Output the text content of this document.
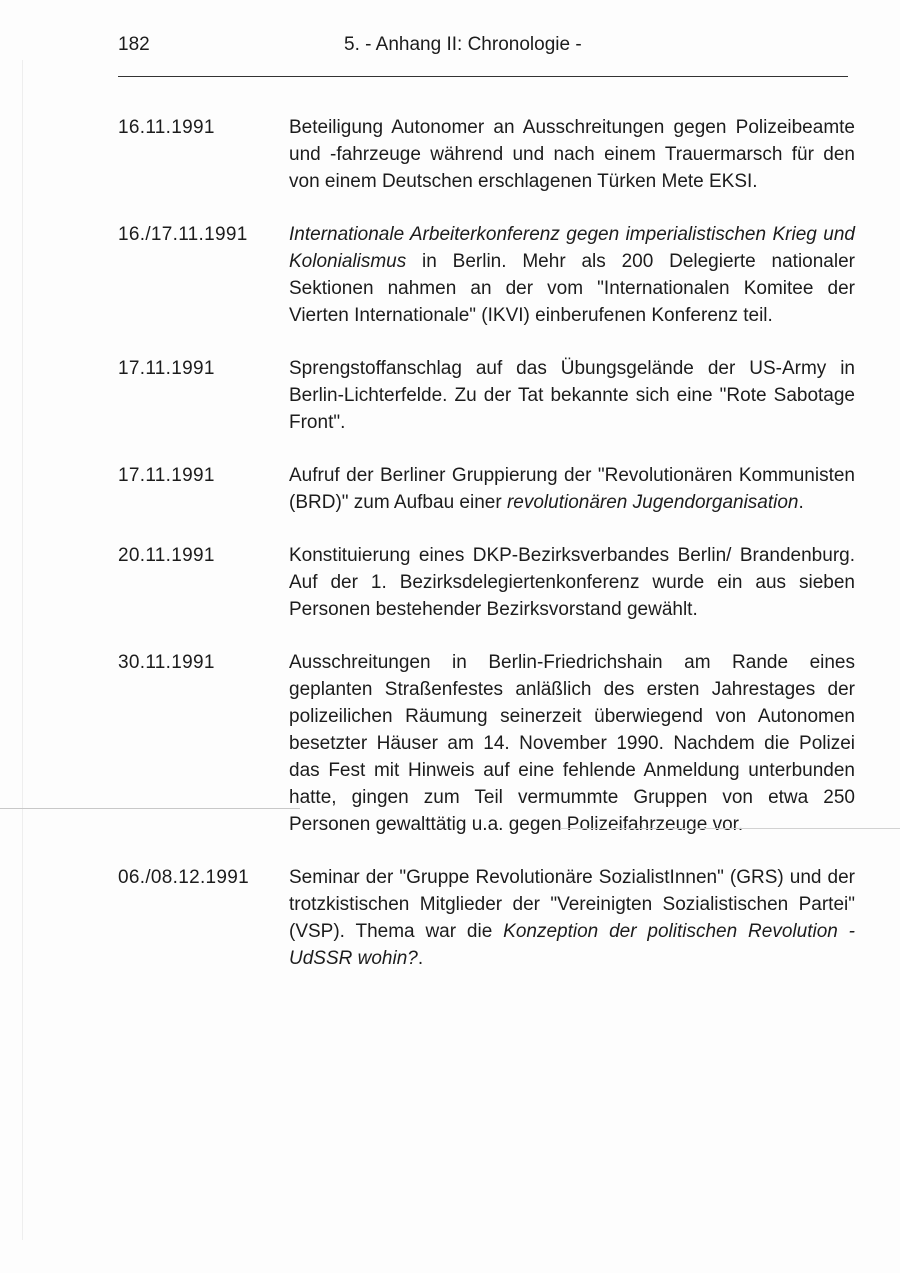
182	5. - Anhang II: Chronologie -
16.11.1991	Beteiligung Autonomer an Ausschreitungen gegen Polizeibeamte und -fahrzeuge während und nach einem Trauermarsch für den von einem Deutschen erschlagenen Türken Mete EKSI.
16./17.11.1991	Internationale Arbeiterkonferenz gegen imperialistischen Krieg und Kolonialismus in Berlin. Mehr als 200 Delegierte nationaler Sektionen nahmen an der vom "Internationalen Komitee der Vierten Internationale" (IKVI) einberufenen Konferenz teil.
17.11.1991	Sprengstoffanschlag auf das Übungsgelände der US-Army in Berlin-Lichterfelde. Zu der Tat bekannte sich eine "Rote Sabotage Front".
17.11.1991	Aufruf der Berliner Gruppierung der "Revolutionären Kommunisten (BRD)" zum Aufbau einer revolutionären Jugendorganisation.
20.11.1991	Konstituierung eines DKP-Bezirksverbandes Berlin/ Brandenburg. Auf der 1. Bezirksdelegiertenkonferenz wurde ein aus sieben Personen bestehender Bezirksvorstand gewählt.
30.11.1991	Ausschreitungen in Berlin-Friedrichshain am Rande eines geplanten Straßenfestes anläßlich des ersten Jahrestages der polizeilichen Räumung seinerzeit überwiegend von Autonomen besetzter Häuser am 14. November 1990. Nachdem die Polizei das Fest mit Hinweis auf eine fehlende Anmeldung unterbunden hatte, gingen zum Teil vermummte Gruppen von etwa 250 Personen gewalttätig u.a. gegen Polizeifahrzeuge vor.
06./08.12.1991	Seminar der "Gruppe Revolutionäre SozialistInnen" (GRS) und der trotzkistischen Mitglieder der "Vereinigten Sozialistischen Partei" (VSP). Thema war die Konzeption der politischen Revolution - UdSSR wohin?.
